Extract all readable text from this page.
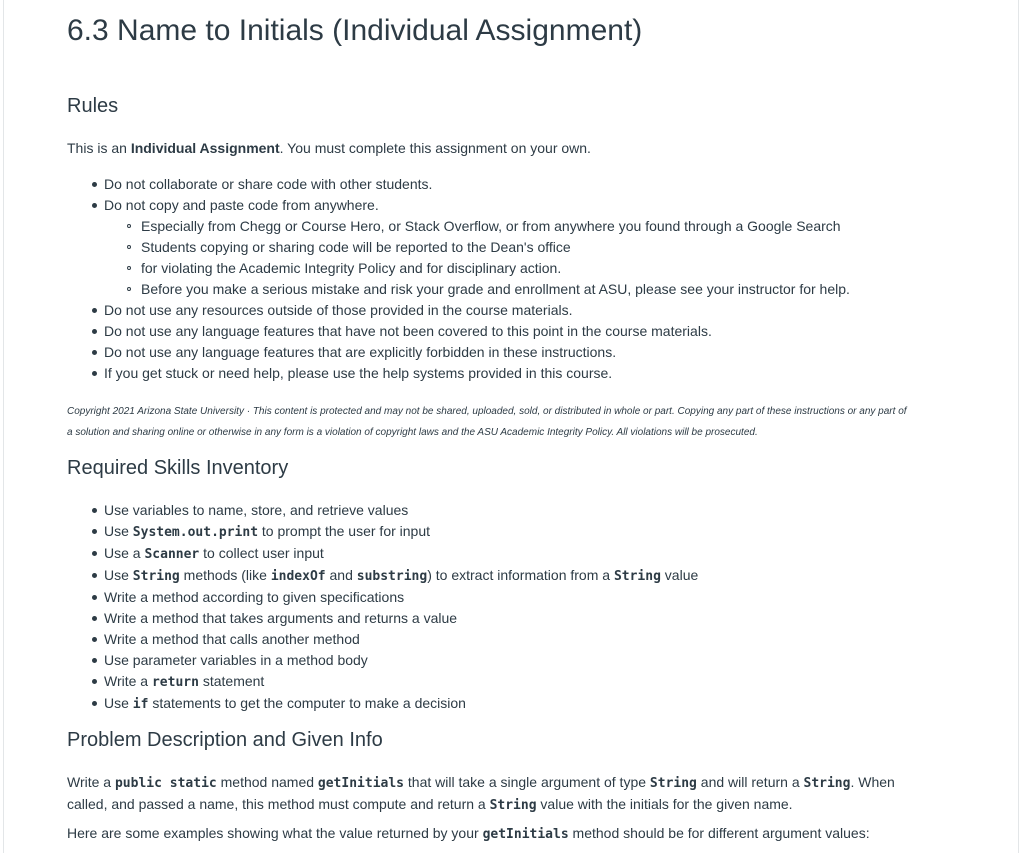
6.3 Name to Initials (Individual Assignment)
Rules

This is an Individual Assignment. You must complete this assignment on your own.

Do not collaborate or share code with other students.
Do not copy and paste code from anywhere.
Especially from Chegg or Course Hero, or Stack Overflow, or from anywhere you found through a Google Search
Students copying or sharing code will be reported to the Dean's office
for violating the Academic Integrity Policy and for disciplinary action.
Before you make a serious mistake and risk your grade and enrollment at ASU, please see your instructor for help.
Do not use any resources outside of those provided in the course materials.
Do not use any language features that have not been covered to this point in the course materials.
Do not use any language features that are explicitly forbidden in these instructions.
If you get stuck or need help, please use the help systems provided in this course.
Copyright 2021 Arizona State University · This content is protected and may not be shared, uploaded, sold, or distributed in whole or part. Copying any part of these instructions or any part of
a solution and sharing online or otherwise in any form is a violation of copyright laws and the ASU Academic Integrity Policy. All violations will be prosecuted.
Required Skills Inventory
Use variables to name, store, and retrieve values
Use System.out.print to prompt the user for input
Use a Scanner to collect user input
Use String methods (like indexOf and substring) to extract information from a String value
Write a method according to given specifications
Write a method that takes arguments and returns a value
Write a method that calls another method
Use parameter variables in a method body
Write a return statement
Use if statements to get the computer to make a decision
Problem Description and Given Info

Write a public static method named getInitials that will take a single argument of type String and will return a String. When
called, and passed a name, this method must compute and return a String value with the initials for the given name.

Here are some examples showing what the value returned by your getInitials method should be for different argument values:
